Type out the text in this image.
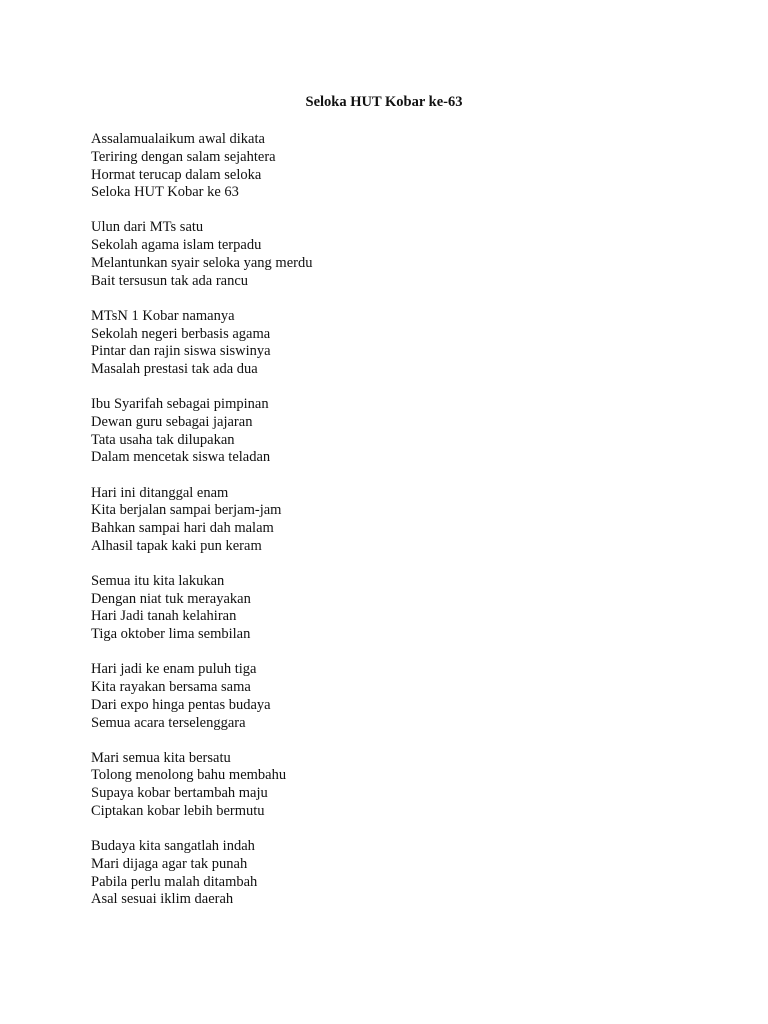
Seloka HUT Kobar ke-63
Assalamualaikum awal dikata
Teriring dengan salam sejahtera
Hormat terucap dalam seloka
Seloka HUT Kobar ke 63
Ulun dari MTs satu
Sekolah agama islam terpadu
Melantunkan syair seloka yang merdu
Bait tersusun tak ada rancu
MTsN 1 Kobar namanya
Sekolah negeri berbasis agama
Pintar dan rajin siswa siswinya
Masalah prestasi tak ada dua
Ibu Syarifah sebagai pimpinan
Dewan guru sebagai jajaran
Tata usaha tak dilupakan
Dalam mencetak siswa teladan
Hari ini ditanggal enam
Kita berjalan sampai berjam-jam
Bahkan sampai hari dah malam
Alhasil tapak kaki pun keram
Semua itu kita lakukan
Dengan niat tuk merayakan
Hari Jadi tanah kelahiran
Tiga oktober lima sembilan
Hari jadi ke enam puluh tiga
Kita rayakan bersama sama
Dari expo hinga pentas budaya
Semua acara terselenggara
Mari semua kita bersatu
Tolong menolong bahu membahu
Supaya kobar bertambah maju
Ciptakan kobar lebih bermutu
Budaya kita sangatlah indah
Mari dijaga agar tak punah
Pabila perlu malah ditambah
Asal sesuai iklim daerah
